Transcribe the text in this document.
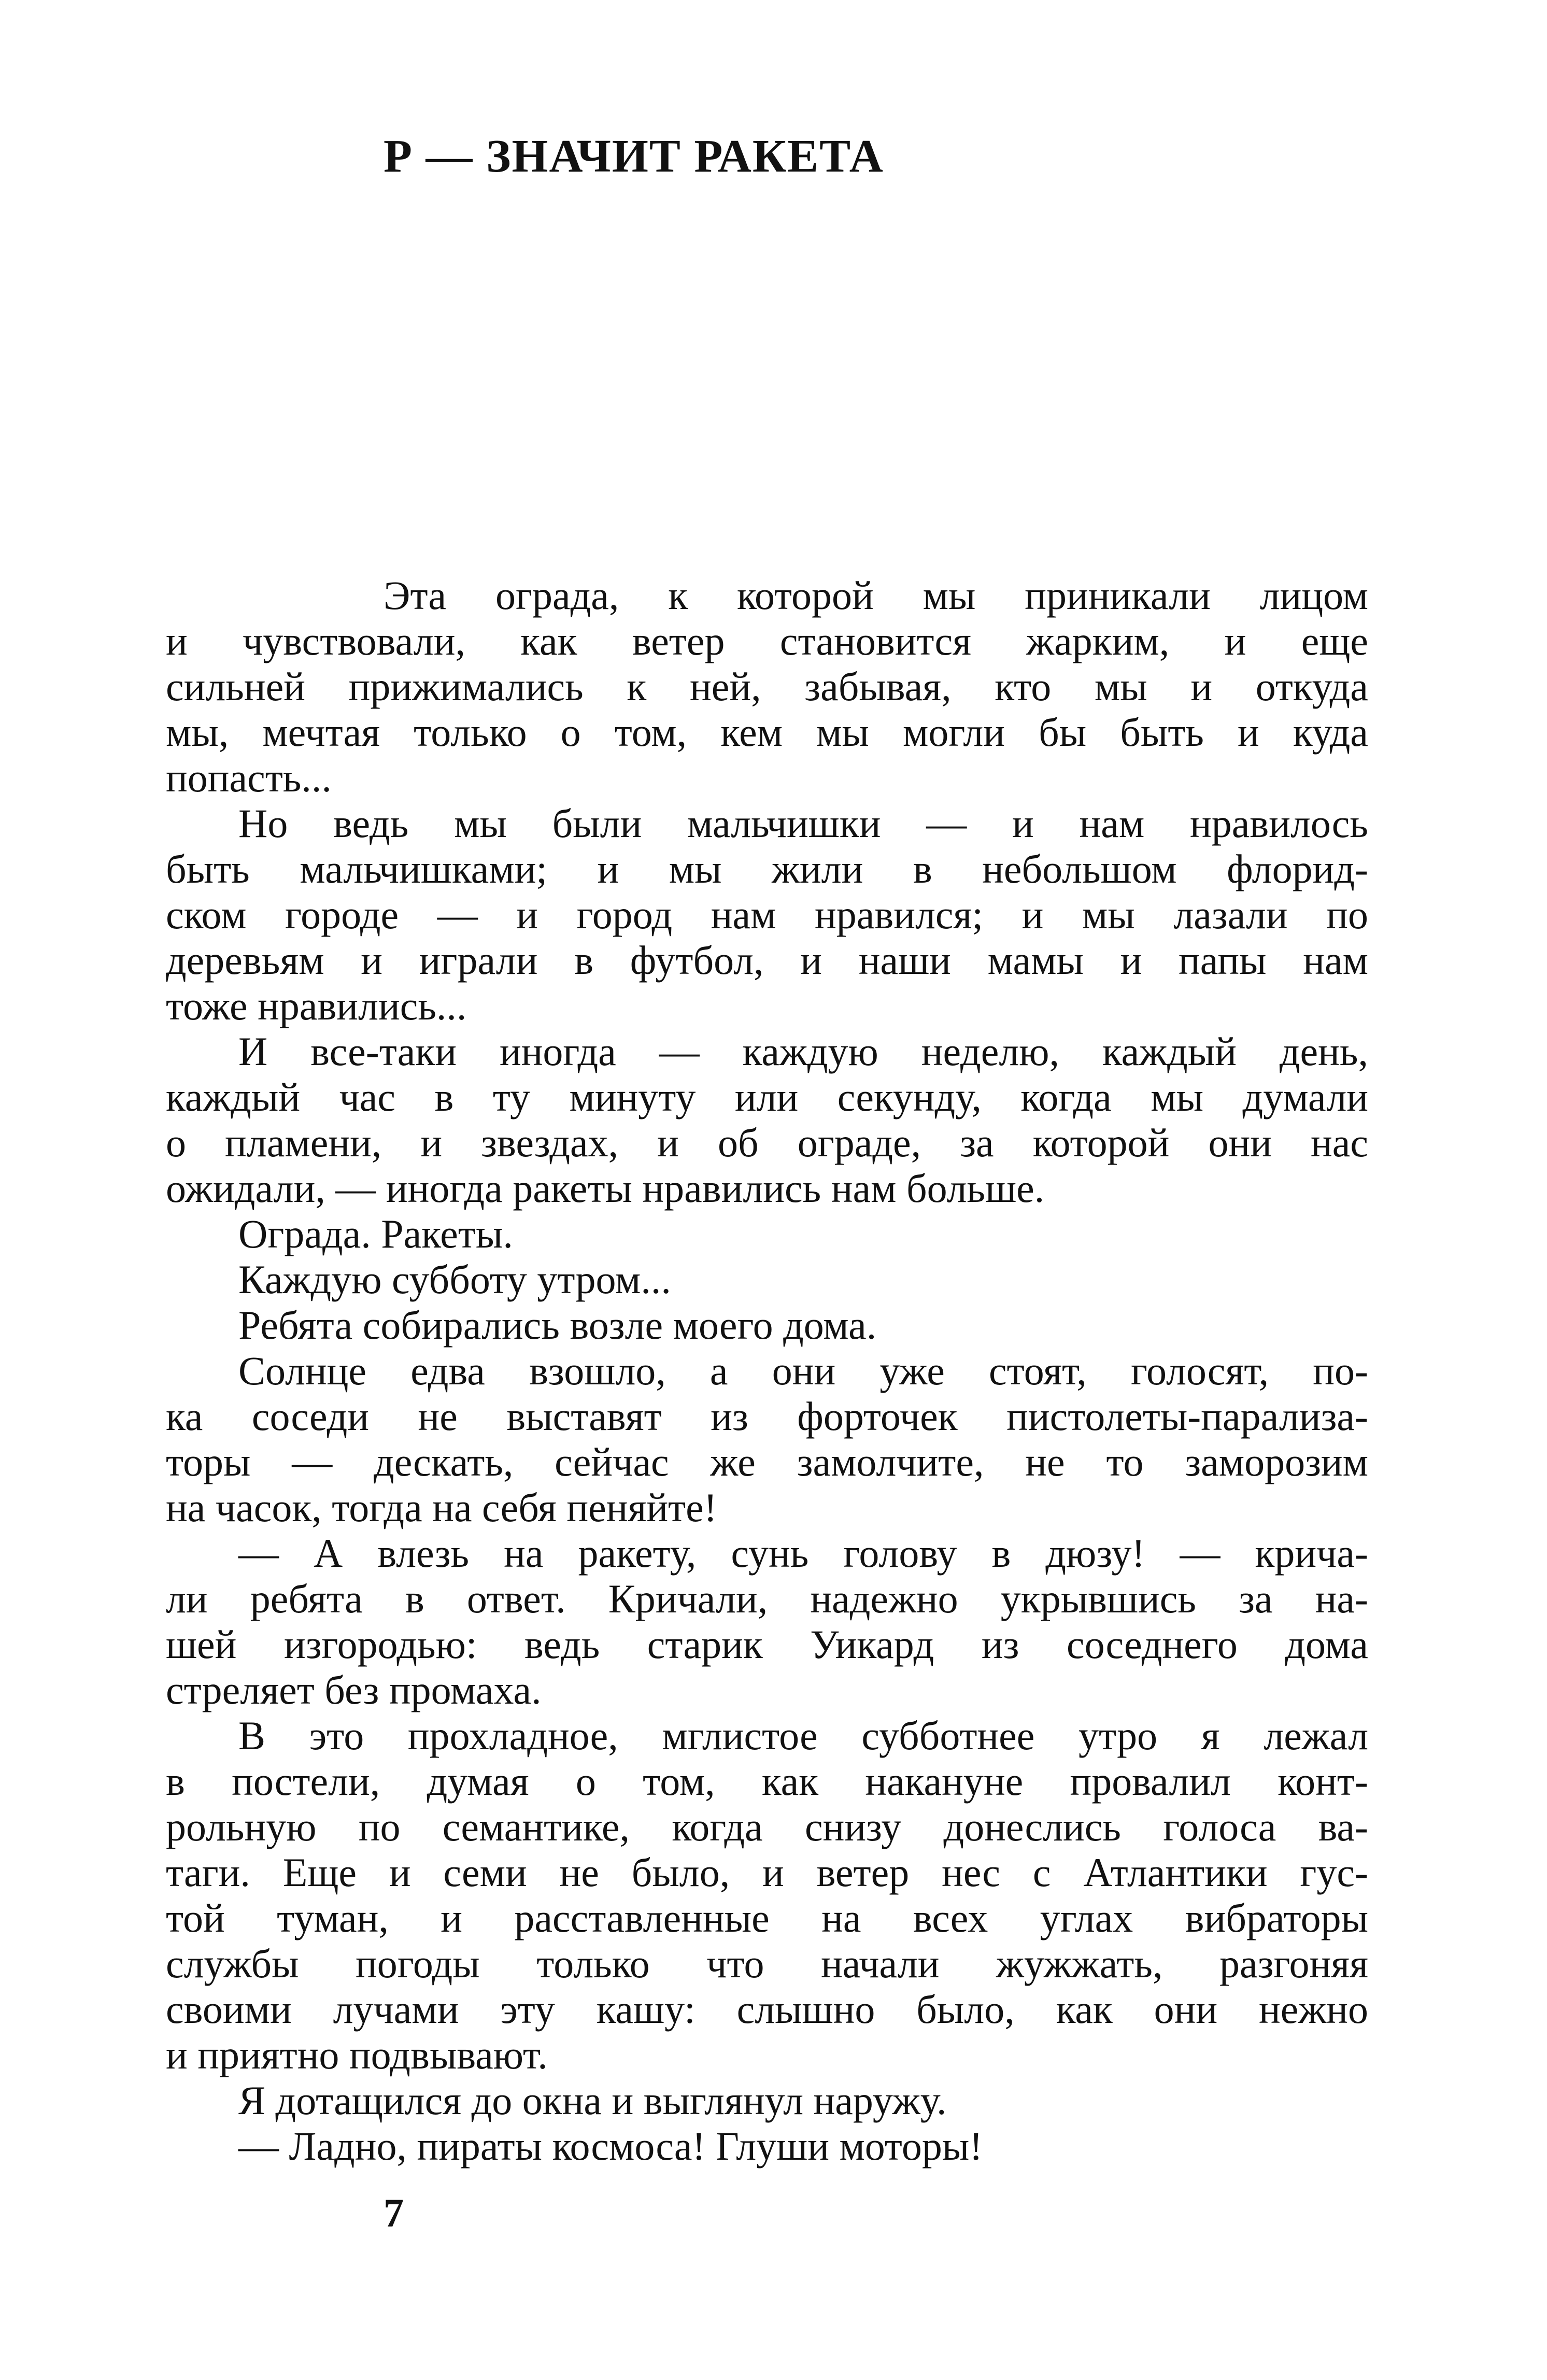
Р — ЗНАЧИТ РАКЕТА
Эта ограда, к которой мы приникали лицом
и чувствовали, как ветер становится жарким, и еще
сильней прижимались к ней, забывая, кто мы и откуда
мы, мечтая только о том, кем мы могли бы быть и куда
попасть...
Но ведь мы были мальчишки — и нам нравилось
быть мальчишками; и мы жили в небольшом флорид-
ском городе — и город нам нравился; и мы лазали по
деревьям и играли в футбол, и наши мамы и папы нам
тоже нравились...
И все-таки иногда — каждую неделю, каждый день,
каждый час в ту минуту или секунду, когда мы думали
о пламени, и звездах, и об ограде, за которой они нас
ожидали, — иногда ракеты нравились нам больше.
Ограда. Ракеты.
Каждую субботу утром...
Ребята собирались возле моего дома.
Солнце едва взошло, а они уже стоят, голосят, по-
ка соседи не выставят из форточек пистолеты-парализа-
торы — дескать, сейчас же замолчите, не то заморозим
на часок, тогда на себя пеняйте!
— А влезь на ракету, сунь голову в дюзу! — крича-
ли ребята в ответ. Кричали, надежно укрывшись за на-
шей изгородью: ведь старик Уикард из соседнего дома
стреляет без промаха.
В это прохладное, мглистое субботнее утро я лежал
в постели, думая о том, как накануне провалил конт-
рольную по семантике, когда снизу донеслись голоса ва-
таги. Еще и семи не было, и ветер нес с Атлантики гус-
той туман, и расставленные на всех углах вибраторы
службы погоды только что начали жужжать, разгоняя
своими лучами эту кашу: слышно было, как они нежно
и приятно подвывают.
Я дотащился до окна и выглянул наружу.
— Ладно, пираты космоса! Глуши моторы!

7
